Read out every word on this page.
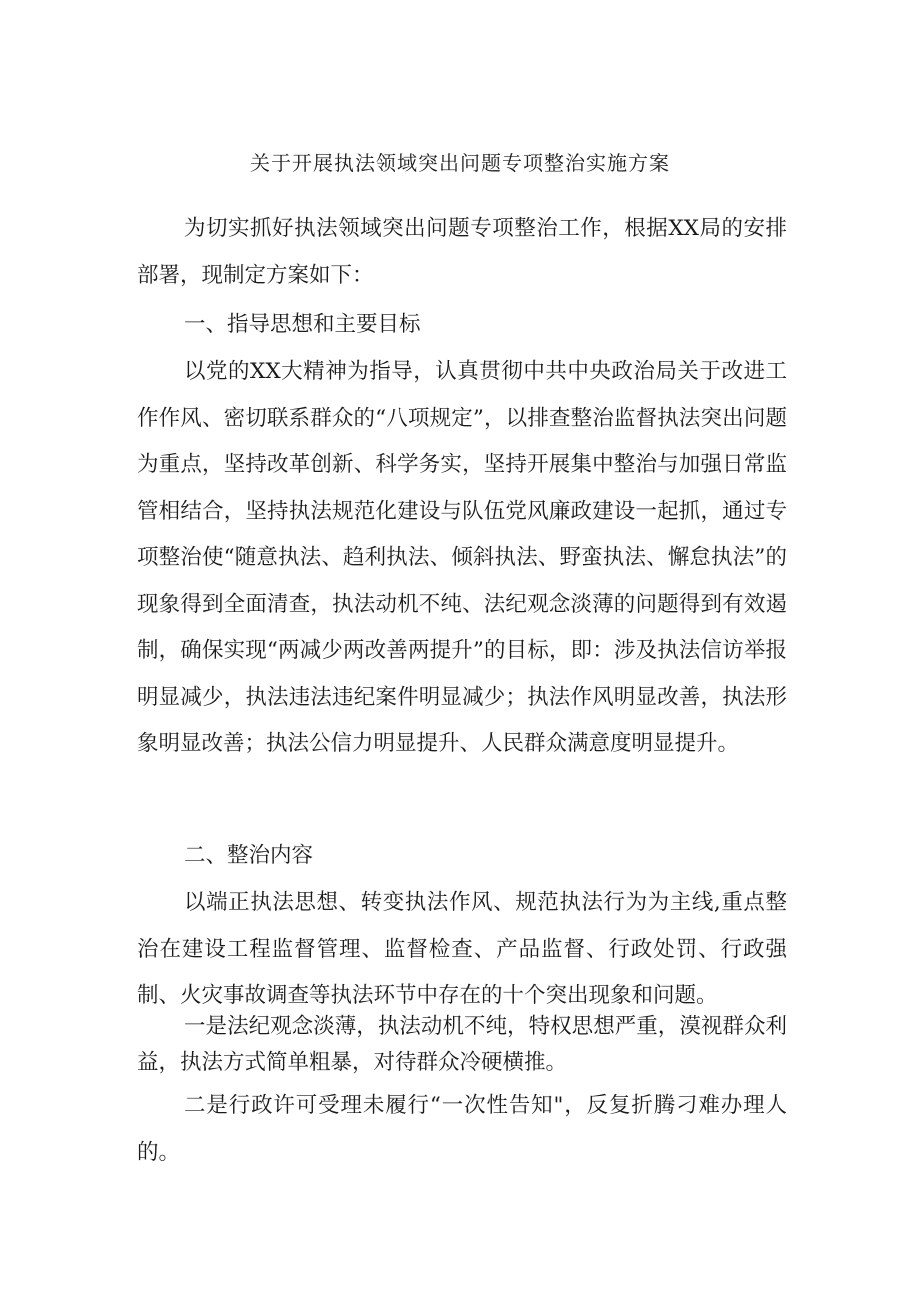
关于开展执法领域突出问题专项整治实施方案

为切实抓好执法领域突出问题专项整治工作，根据XX局的安排部署，现制定方案如下：

一、指导思想和主要目标

以党的XX大精神为指导，认真贯彻中共中央政治局关于改进工作作风、密切联系群众的“八项规定”，以排查整治监督执法突出问题为重点，坚持改革创新、科学务实，坚持开展集中整治与加强日常监管相结合，坚持执法规范化建设与队伍党风廉政建设一起抓，通过专项整治使“随意执法、趋利执法、倾斜执法、野蛮执法、懈怠执法”的现象得到全面清查，执法动机不纯、法纪观念淡薄的问题得到有效遏制，确保实现“两减少两改善两提升”的目标，即：涉及执法信访举报明显减少，执法违法违纪案件明显减少；执法作风明显改善，执法形象明显改善；执法公信力明显提升、人民群众满意度明显提升。

二、整治内容

以端正执法思想、转变执法作风、规范执法行为为主线,重点整治在建设工程监督管理、监督检查、产品监督、行政处罚、行政强制、火灾事故调查等执法环节中存在的十个突出现象和问题。

一是法纪观念淡薄，执法动机不纯，特权思想严重，漠视群众利益，执法方式简单粗暴，对待群众冷硬横推。

二是行政许可受理未履行“一次性告知"，反复折腾刁难办理人的。
